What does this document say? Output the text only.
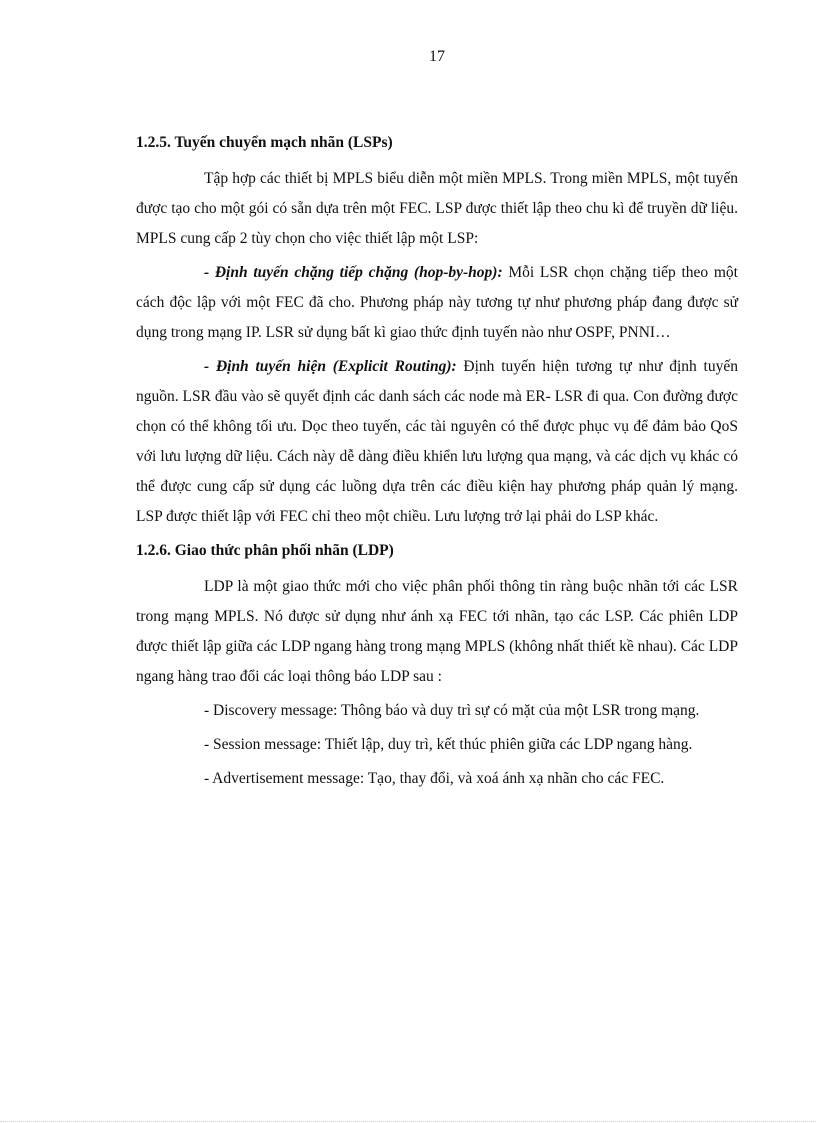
17
1.2.5. Tuyến chuyển mạch nhãn (LSPs)

Tập hợp các thiết bị MPLS biểu diễn một miền MPLS. Trong miền MPLS, một tuyến được tạo cho một gói có sẵn dựa trên một FEC. LSP được thiết lập theo chu kì để truyền dữ liệu. MPLS cung cấp 2 tùy chọn cho việc thiết lập một LSP:

- Định tuyến chặng tiếp chặng (hop-by-hop): Mỗi LSR chọn chặng tiếp theo một cách độc lập với một FEC đã cho. Phương pháp này tương tự như phương pháp đang được sử dụng trong mạng IP. LSR sử dụng bất kì giao thức định tuyến nào như OSPF, PNNI…

- Định tuyến hiện (Explicit Routing): Định tuyến hiện tương tự như định tuyến nguồn. LSR đầu vào sẽ quyết định các danh sách các node mà ER- LSR đi qua. Con đường được chọn có thể không tối ưu. Dọc theo tuyến, các tài nguyên có thể được phục vụ để đảm bảo QoS với lưu lượng dữ liệu. Cách này dễ dàng điều khiển lưu lượng qua mạng, và các dịch vụ khác có thể được cung cấp sử dụng các luồng dựa trên các điều kiện hay phương pháp quản lý mạng. LSP được thiết lập với FEC chỉ theo một chiều. Lưu lượng trở lại phải do LSP khác.

1.2.6. Giao thức phân phối nhãn (LDP)

LDP là một giao thức mới cho việc phân phối thông tin ràng buộc nhãn tới các LSR trong mạng MPLS. Nó được sử dụng như ánh xạ FEC tới nhãn, tạo các LSP. Các phiên LDP được thiết lập giữa các LDP ngang hàng trong mạng MPLS (không nhất thiết kề nhau). Các LDP ngang hàng trao đổi các loại thông báo LDP sau :

- Discovery message: Thông báo và duy trì sự có mặt của một LSR trong mạng.

- Session message: Thiết lập, duy trì, kết thúc phiên giữa các LDP ngang hàng.

- Advertisement message: Tạo, thay đổi, và xoá ánh xạ nhãn cho các FEC.
